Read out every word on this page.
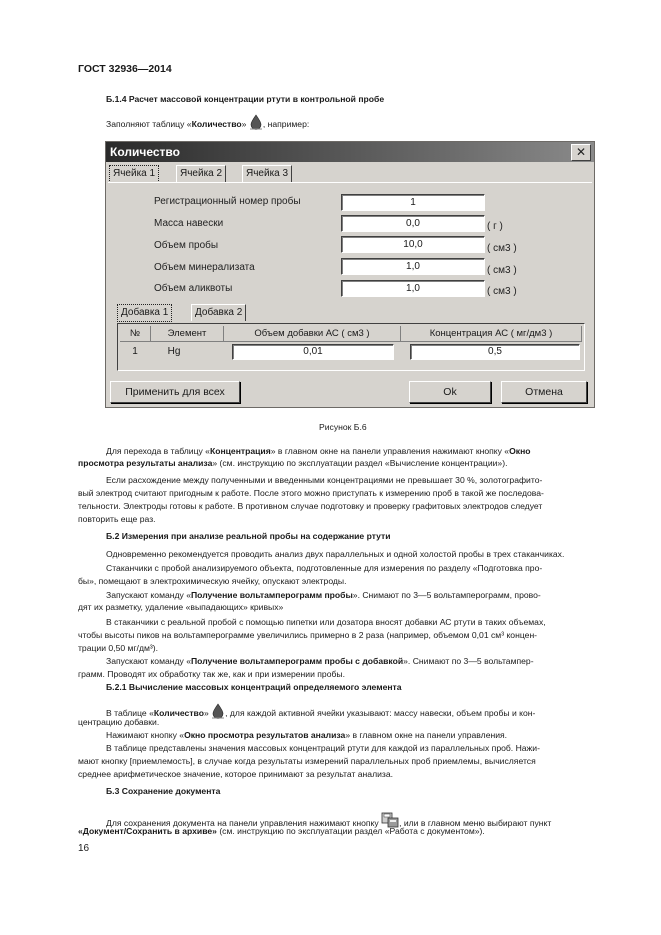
ГОСТ 32936—2014
Б.1.4 Расчет массовой концентрации ртути в контрольной пробе
Заполняют таблицу «Количество» , например:
Количество	✕
Ячейка 1	Ячейка 2	Ячейка 3
Регистрационный номер пробы	1
Масса навески	0,0	( г )
Объем пробы	10,0	( см3 )
Объем минерализата	1,0	( см3 )
Объем аликвоты	1,0	( см3 )
Добавка 1	Добавка 2
№	Элемент	Объем добавки АС ( см3 )	Концентрация АС ( мг/дм3 )
1	Hg	0,01	0,5
Применить для всех	Ok	Отмена
Рисунок Б.6
Для перехода в таблицу «Концентрация» в главном окне на панели управления нажимают кнопку «Окно
просмотра результаты анализа» (см. инструкцию по эксплуатации раздел «Вычисление концентрации»).
Если расхождение между полученными и введенными концентрациями не превышает 30 %, золотографито-
вый электрод считают пригодным к работе. После этого можно приступать к измерению проб в такой же последова-
тельности. Электроды готовы к работе. В противном случае подготовку и проверку графитовых электродов следует
повторить еще раз.
Б.2 Измерения при анализе реальной пробы на содержание ртути
Одновременно рекомендуется проводить анализ двух параллельных и одной холостой пробы в трех стаканчиках.
Стаканчики с пробой анализируемого объекта, подготовленные для измерения по разделу «Подготовка про-
бы», помещают в электрохимическую ячейку, опускают электроды.
Запускают команду «Получение вольтамперограмм пробы». Снимают по 3—5 вольтамперограмм, прово-
дят их разметку, удаление «выпадающих» кривых»
В стаканчики с реальной пробой с помощью пипетки или дозатора вносят добавки АС ртути в таких объемах,
чтобы высоты пиков на вольтамперограмме увеличились примерно в 2 раза (например, объемом 0,01 см³ концен-
трации 0,50 мг/дм³).
Запускают команду «Получение вольтамперограмм пробы с добавкой». Снимают по 3—5 вольтампер-
грамм. Проводят их обработку так же, как и при измерении пробы.
Б.2.1 Вычисление массовых концентраций определяемого элемента
В таблице «Количество» , для каждой активной ячейки указывают: массу навески, объем пробы и кон-
центрацию добавки.
Нажимают кнопку «Окно просмотра результатов анализа» в главном окне на панели управления.
В таблице представлены значения массовых концентраций ртути для каждой из параллельных проб. Нажи-
мают кнопку [приемлемость], в случае когда результаты измерений параллельных проб приемлемы, вычисляется
среднее арифметическое значение, которое принимают за результат анализа.
Б.3 Сохранение документа
Для сохранения документа на панели управления нажимают кнопку , или в главном меню выбирают пункт
«Документ/Сохранить в архиве» (см. инструкцию по эксплуатации раздел «Работа с документом»).
16
